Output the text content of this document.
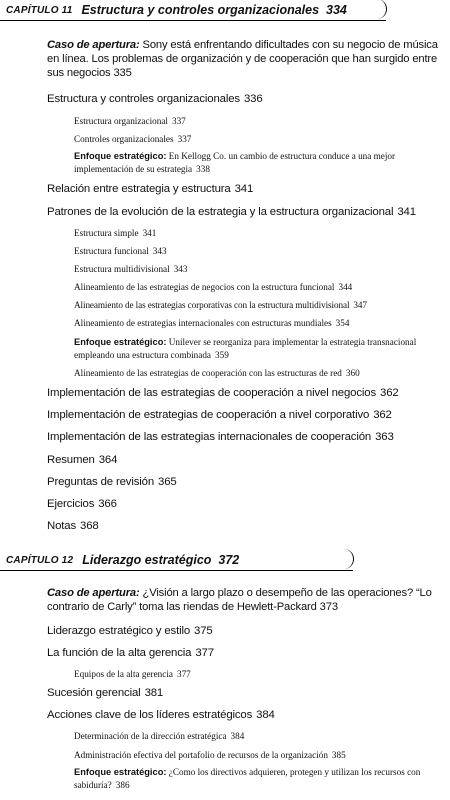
CAPÍTULO 11 Estructura y controles organizacionales 334
Caso de apertura: Sony está enfrentando dificultades con su negocio de música en línea. Los problemas de organización y de cooperación que han surgido entre sus negocios 335
Estructura y controles organizacionales 336
Estructura organizacional 337
Controles organizacionales 337
Enfoque estratégico: En Kellogg Co. un cambio de estructura conduce a una mejor implementación de su estrategia 338
Relación entre estrategia y estructura 341
Patrones de la evolución de la estrategia y la estructura organizacional 341
Estructura simple 341
Estructura funcional 343
Estructura multidivisional 343
Alineamiento de las estrategias de negocios con la estructura funcional 344
Alineamiento de las estrategias corporativas con la estructura multidivisional 347
Alineamiento de estrategias internacionales con estructuras mundiales 354
Enfoque estratégico: Unilever se reorganiza para implementar la estrategia transnacional empleando una estructura combinada 359
Alineamiento de las estrategias de cooperación con las estructuras de red 360
Implementación de las estrategias de cooperación a nivel negocios 362
Implementación de estrategias de cooperación a nivel corporativo 362
Implementación de las estrategias internacionales de cooperación 363
Resumen 364
Preguntas de revisión 365
Ejercicios 366
Notas 368
CAPÍTULO 12 Liderazgo estratégico 372
Caso de apertura: ¿Visión a largo plazo o desempeño de las operaciones? “Lo contrario de Carly” toma las riendas de Hewlett-Packard 373
Liderazgo estratégico y estilo 375
La función de la alta gerencia 377
Equipos de la alta gerencia 377
Sucesión gerencial 381
Acciones clave de los líderes estratégicos 384
Determinación de la dirección estratégica 384
Administración efectiva del portafolio de recursos de la organización 385
Enfoque estratégico: ¿Como los directivos adquieren, protegen y utilizan los recursos con sabiduría? 386
